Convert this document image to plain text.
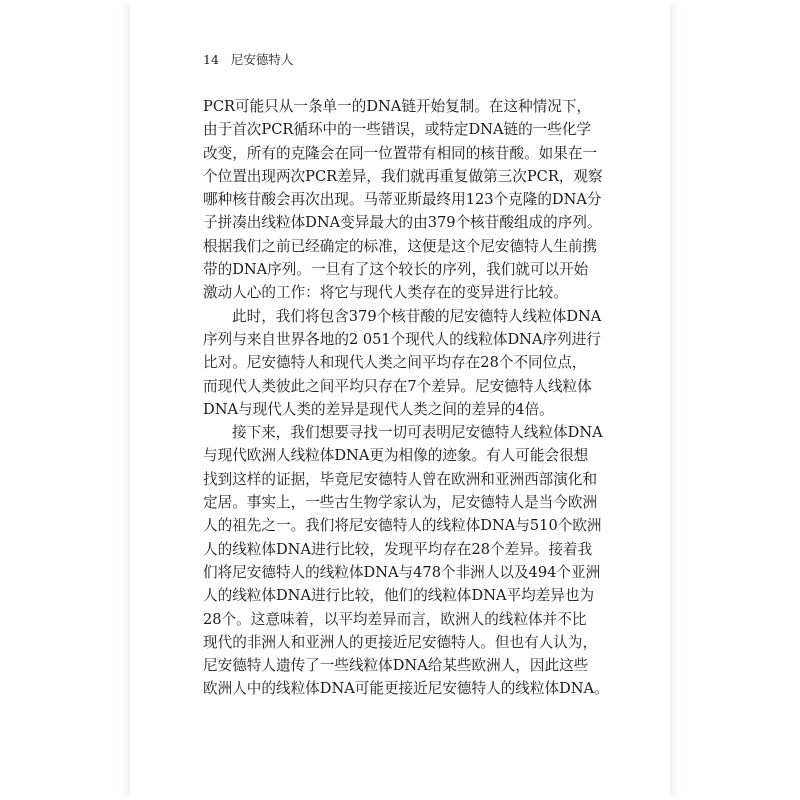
14 尼安德特人
PCR可能只从一条单一的DNA链开始复制。在这种情况下，
由于首次PCR循环中的一些错误，或特定DNA链的一些化学
改变，所有的克隆会在同一位置带有相同的核苷酸。如果在一
个位置出现两次PCR差异，我们就再重复做第三次PCR，观察
哪种核苷酸会再次出现。马蒂亚斯最终用123个克隆的DNA分
子拼凑出线粒体DNA变异最大的由379个核苷酸组成的序列。
根据我们之前已经确定的标准，这便是这个尼安德特人生前携
带的DNA序列。一旦有了这个较长的序列，我们就可以开始
激动人心的工作：将它与现代人类存在的变异进行比较。
此时，我们将包含379个核苷酸的尼安德特人线粒体DNA
序列与来自世界各地的2 051个现代人的线粒体DNA序列进行
比对。尼安德特人和现代人类之间平均存在28个不同位点，
而现代人类彼此之间平均只存在7个差异。尼安德特人线粒体
DNA与现代人类的差异是现代人类之间的差异的4倍。
接下来，我们想要寻找一切可表明尼安德特人线粒体DNA
与现代欧洲人线粒体DNA更为相像的迹象。有人可能会很想
找到这样的证据，毕竟尼安德特人曾在欧洲和亚洲西部演化和
定居。事实上，一些古生物学家认为，尼安德特人是当今欧洲
人的祖先之一。我们将尼安德特人的线粒体DNA与510个欧洲
人的线粒体DNA进行比较，发现平均存在28个差异。接着我
们将尼安德特人的线粒体DNA与478个非洲人以及494个亚洲
人的线粒体DNA进行比较，他们的线粒体DNA平均差异也为
28个。这意味着，以平均差异而言，欧洲人的线粒体并不比
现代的非洲人和亚洲人的更接近尼安德特人。但也有人认为，
尼安德特人遗传了一些线粒体DNA给某些欧洲人，因此这些
欧洲人中的线粒体DNA可能更接近尼安德特人的线粒体DNA。
